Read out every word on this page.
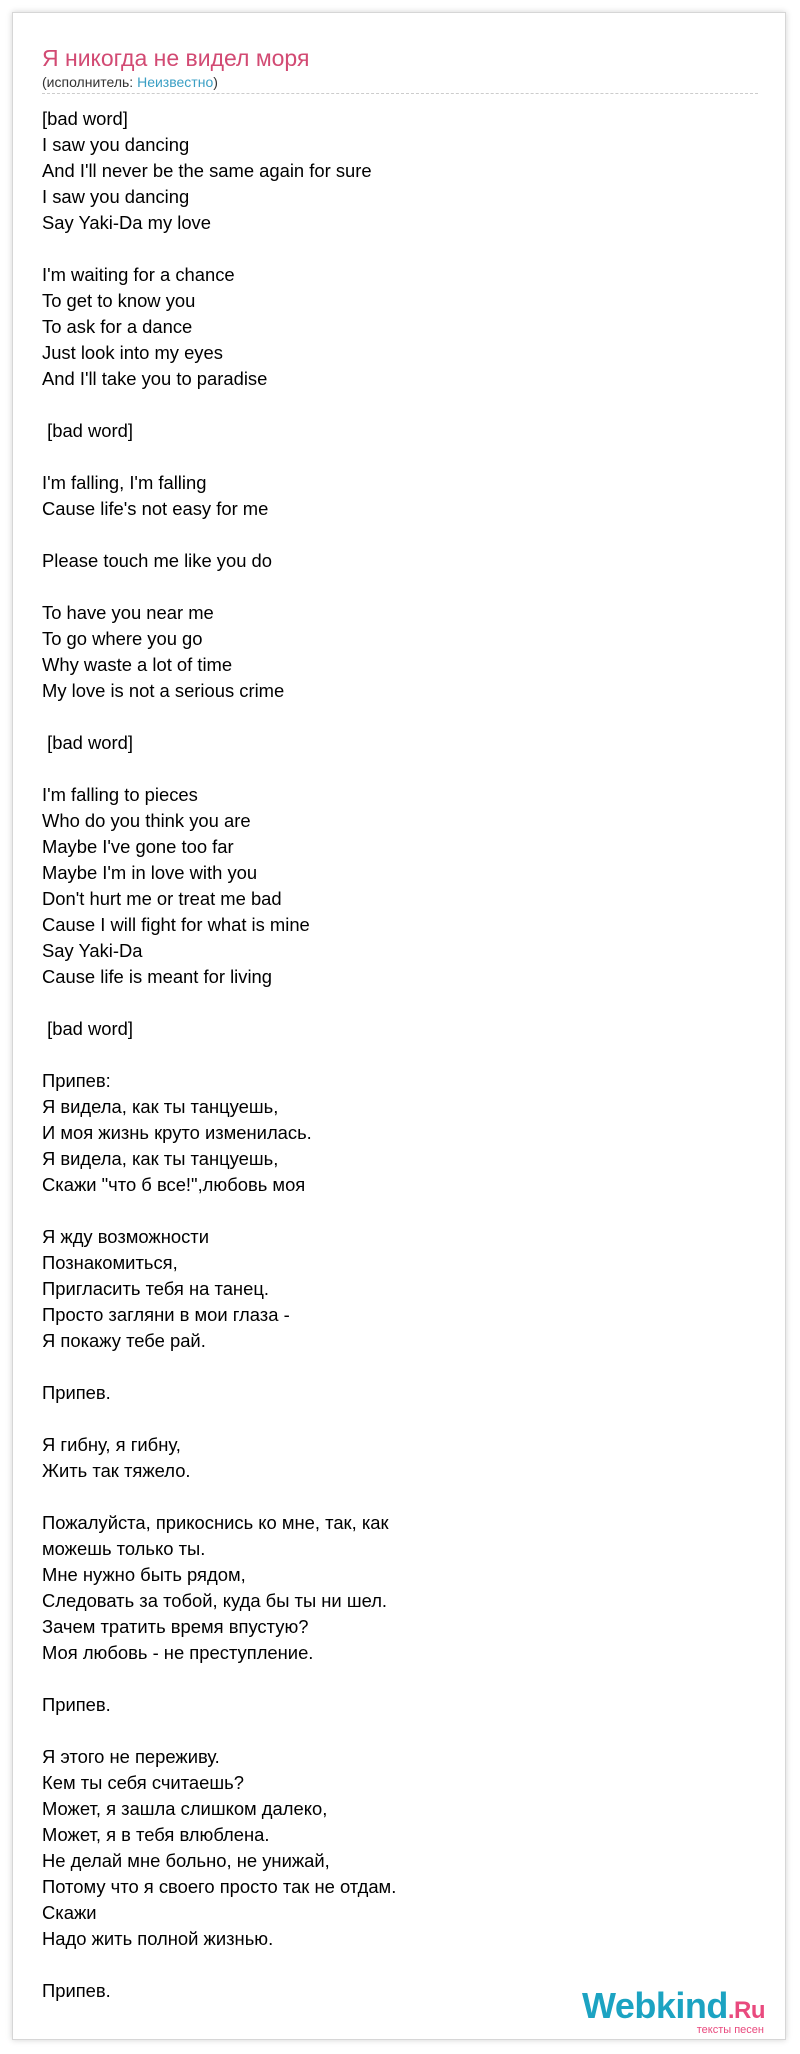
Я никогда не видел моря
(исполнитель: Неизвестно)
[bad word]
I saw you dancing
And I'll never be the same again for sure
I saw you dancing
Say Yaki-Da my love
I'm waiting for a chance
To get to know you
To ask for a dance
Just look into my eyes
And I'll take you to paradise
[bad word]
I'm falling, I'm falling
Cause life's not easy for me
Please touch me like you do
To have you near me
To go where you go
Why waste a lot of time
My love is not a serious crime
[bad word]
I'm falling to pieces
Who do you think you are
Maybe I've gone too far
Maybe I'm in love with you
Don't hurt me or treat me bad
Cause I will fight for what is mine
Say Yaki-Da
Cause life is meant for living
[bad word]
Припев:
Я видела, как ты танцуешь,
И моя жизнь круто изменилась.
Я видела, как ты танцуешь,
Скажи "что б все!",любовь моя
Я жду возможности
Познакомиться,
Пригласить тебя на танец.
Просто загляни в мои глаза -
Я покажу тебе рай.
Припев.
Я гибну, я гибну,
Жить так тяжело.
Пожалуйста, прикоснись ко мне, так, как
можешь только ты.
Мне нужно быть рядом,
Следовать за тобой, куда бы ты ни шел.
Зачем тратить время впустую?
Моя любовь - не преступление.
Припев.
Я этого не переживу.
Кем ты себя считаешь?
Может, я зашла слишком далеко,
Может, я в тебя влюблена.
Не делай мне больно, не унижай,
Потому что я своего просто так не отдам.
Скажи
Надо жить полной жизнью.
Припев.	Webkind.Ru
тексты песен
